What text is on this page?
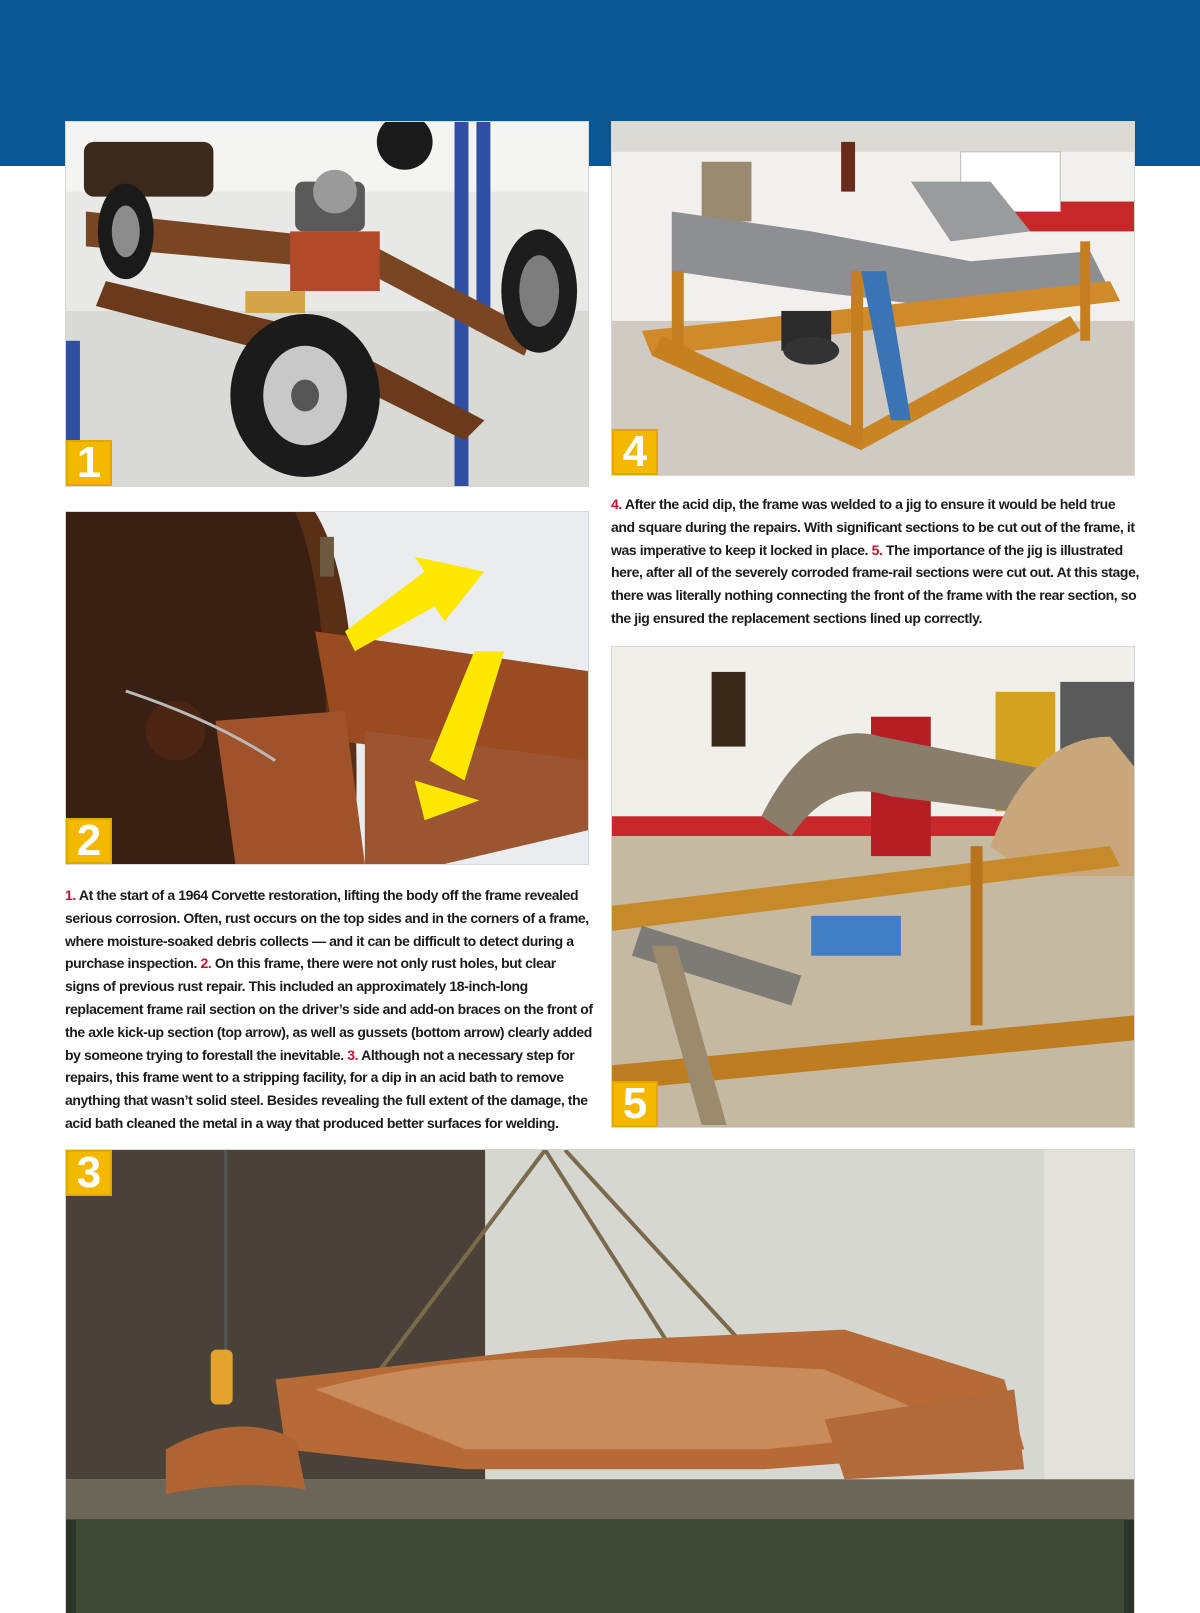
1	4
2

1. At the start of a 1964 Corvette restoration, lifting the body off the frame revealed serious corrosion. Often, rust occurs on the top sides and in the corners of a frame, where moisture-soaked debris collects — and it can be difficult to detect during a purchase inspection. 2. On this frame, there were not only rust holes, but clear signs of previous rust repair. This included an approximately 18-inch-long replacement frame rail section on the driver’s side and add-on braces on the front of the axle kick-up section (top arrow), as well as gussets (bottom arrow) clearly added by someone trying to forestall the inevitable. 3. Although not a necessary step for repairs, this frame went to a stripping facility, for a dip in an acid bath to remove anything that wasn’t solid steel. Besides revealing the full extent of the damage, the acid bath cleaned the metal in a way that produced better surfaces for welding.

4. After the acid dip, the frame was welded to a jig to ensure it would be held true and square during the repairs. With significant sections to be cut out of the frame, it was imperative to keep it locked in place. 5. The importance of the jig is illustrated here, after all of the severely corroded frame-rail sections were cut out. At this stage, there was literally nothing connecting the front of the frame with the rear section, so the jig ensured the replacement sections lined up correctly.

5
3
